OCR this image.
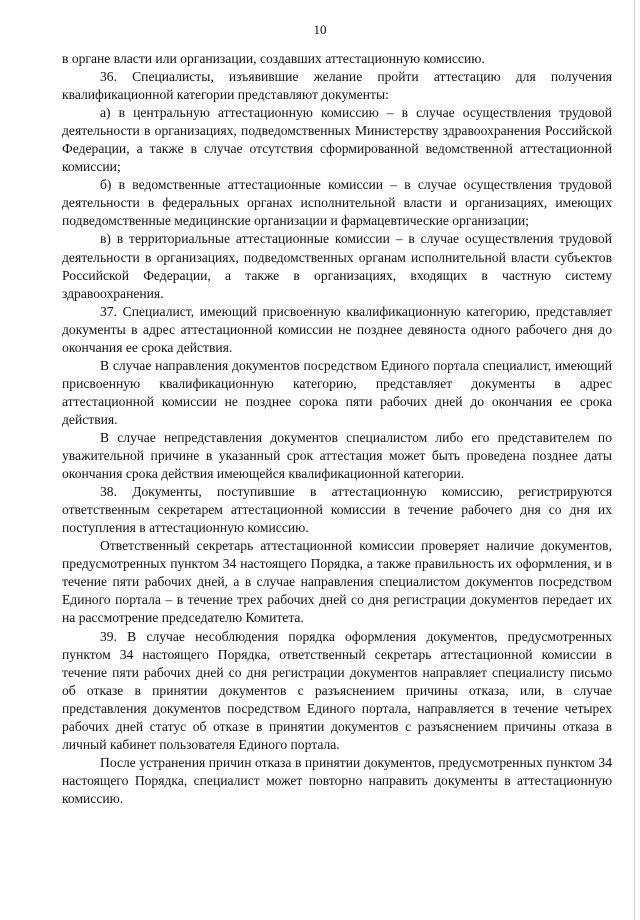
10

в органе власти или организации, создавших аттестационную комиссию.

36. Специалисты, изъявившие желание пройти аттестацию для получения квалификационной категории представляют документы:

а) в центральную аттестационную комиссию – в случае осуществления трудовой деятельности в организациях, подведомственных Министерству здравоохранения Российской Федерации, а также в случае отсутствия сформированной ведомственной аттестационной комиссии;

б) в ведомственные аттестационные комиссии – в случае осуществления трудовой деятельности в федеральных органах исполнительной власти и организациях, имеющих подведомственные медицинские организации и фармацевтические организации;

в) в территориальные аттестационные комиссии – в случае осуществления трудовой деятельности в организациях, подведомственных органам исполнительной власти субъектов Российской Федерации, а также в организациях, входящих в частную систему здравоохранения.

37. Специалист, имеющий присвоенную квалификационную категорию, представляет документы в адрес аттестационной комиссии не позднее девяноста одного рабочего дня до окончания ее срока действия.

В случае направления документов посредством Единого портала специалист, имеющий присвоенную квалификационную категорию, представляет документы в адрес аттестационной комиссии не позднее сорока пяти рабочих дней до окончания ее срока действия.

В случае непредставления документов специалистом либо его представителем по уважительной причине в указанный срок аттестация может быть проведена позднее даты окончания срока действия имеющейся квалификационной категории.

38. Документы, поступившие в аттестационную комиссию, регистрируются ответственным секретарем аттестационной комиссии в течение рабочего дня со дня их поступления в аттестационную комиссию.

Ответственный секретарь аттестационной комиссии проверяет наличие документов, предусмотренных пунктом 34 настоящего Порядка, а также правильность их оформления, и в течение пяти рабочих дней, а в случае направления специалистом документов посредством Единого портала – в течение трех рабочих дней со дня регистрации документов передает их на рассмотрение председателю Комитета.

39. В случае несоблюдения порядка оформления документов, предусмотренных пунктом 34 настоящего Порядка, ответственный секретарь аттестационной комиссии в течение пяти рабочих дней со дня регистрации документов направляет специалисту письмо об отказе в принятии документов с разъяснением причины отказа, или, в случае представления документов посредством Единого портала, направляется в течение четырех рабочих дней статус об отказе в принятии документов с разъяснением причины отказа в личный кабинет пользователя Единого портала.

После устранения причин отказа в принятии документов, предусмотренных пунктом 34 настоящего Порядка, специалист может повторно направить документы в аттестационную комиссию.
